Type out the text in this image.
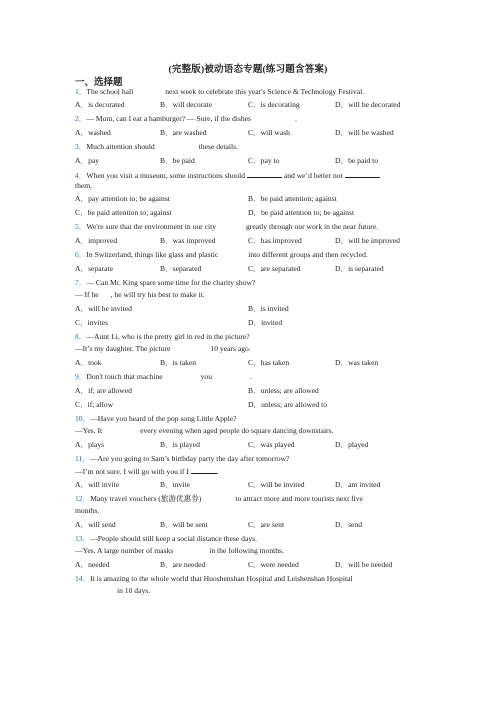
(完整版)被动语态专题(练习题含答案)
一、选择题
1．The school hall	next week to celebrate this year's Science & Technology Festival.
A．is decorated	B．will decorate	C．is decorating	D．will be decorated
2．— Mom, can I eat a hamburger? — Sure, if the dishes	.
A．washed	B．are washed	C．will wash	D．will be washed
3．Much attention should	these details.
A．pay	B．be paid	C．pay to	D．be paid to
4．When you visit a museum, some instructions should	and we’d better not
them.
A．pay attention to; be against	B．be paid attention; against
C．be paid attention to; against	D．be paid attention to; be against
5．We're sure that the environment in our city	greatly through our work in the near future.
A．improved	B．was improved	C．has improved	D．will be improved
6．In Switzerland, things like glass and plastic	into different groups and then recycled.
A．separate	B．separated	C．are separated	D．is separated
7．— Can Mr. King spare some time for the charity show?
— If he , he will try his best to make it.
A．will be invited	B．is invited
C．invites	D．invited
8．—Aunt Li, who is the pretty girl in red in the picture?
—It’s my daughter. The picture	10 years ago.
A．took	B．is taken	C．has taken	D．was taken
9．Don't touch that machine	you	.
A．if; are allowed	B．unless; are allowed
C．if; allow	D．unless; are allowed to
10．—Have you heard of the pop song Little Apple?
—Yes. It	every evening when aged people do square dancing downstairs.
A．plays	B．is played	C．was played	D．played
11．—Are you going to Sam’s birthday party the day after tomorrow?
—I’m not sure. I will go with you if I	.
A．will invite	B．invite	C．will be invited	D．am invited
12．Many travel vouchers (旅游优惠券)	to attract more and more tourists next five
months.
A．will send	B．will be sent	C．are sent	D．send
13．—People should still keep a social distance these days.
—Yes. A large number of masks	in the following months.
A．needed	B．are needed	C．were needed	D．will be needed
14．It is amazing to the whole world that Huoshenshan Hospital and Leishenshan Hospital
in 10 days.
